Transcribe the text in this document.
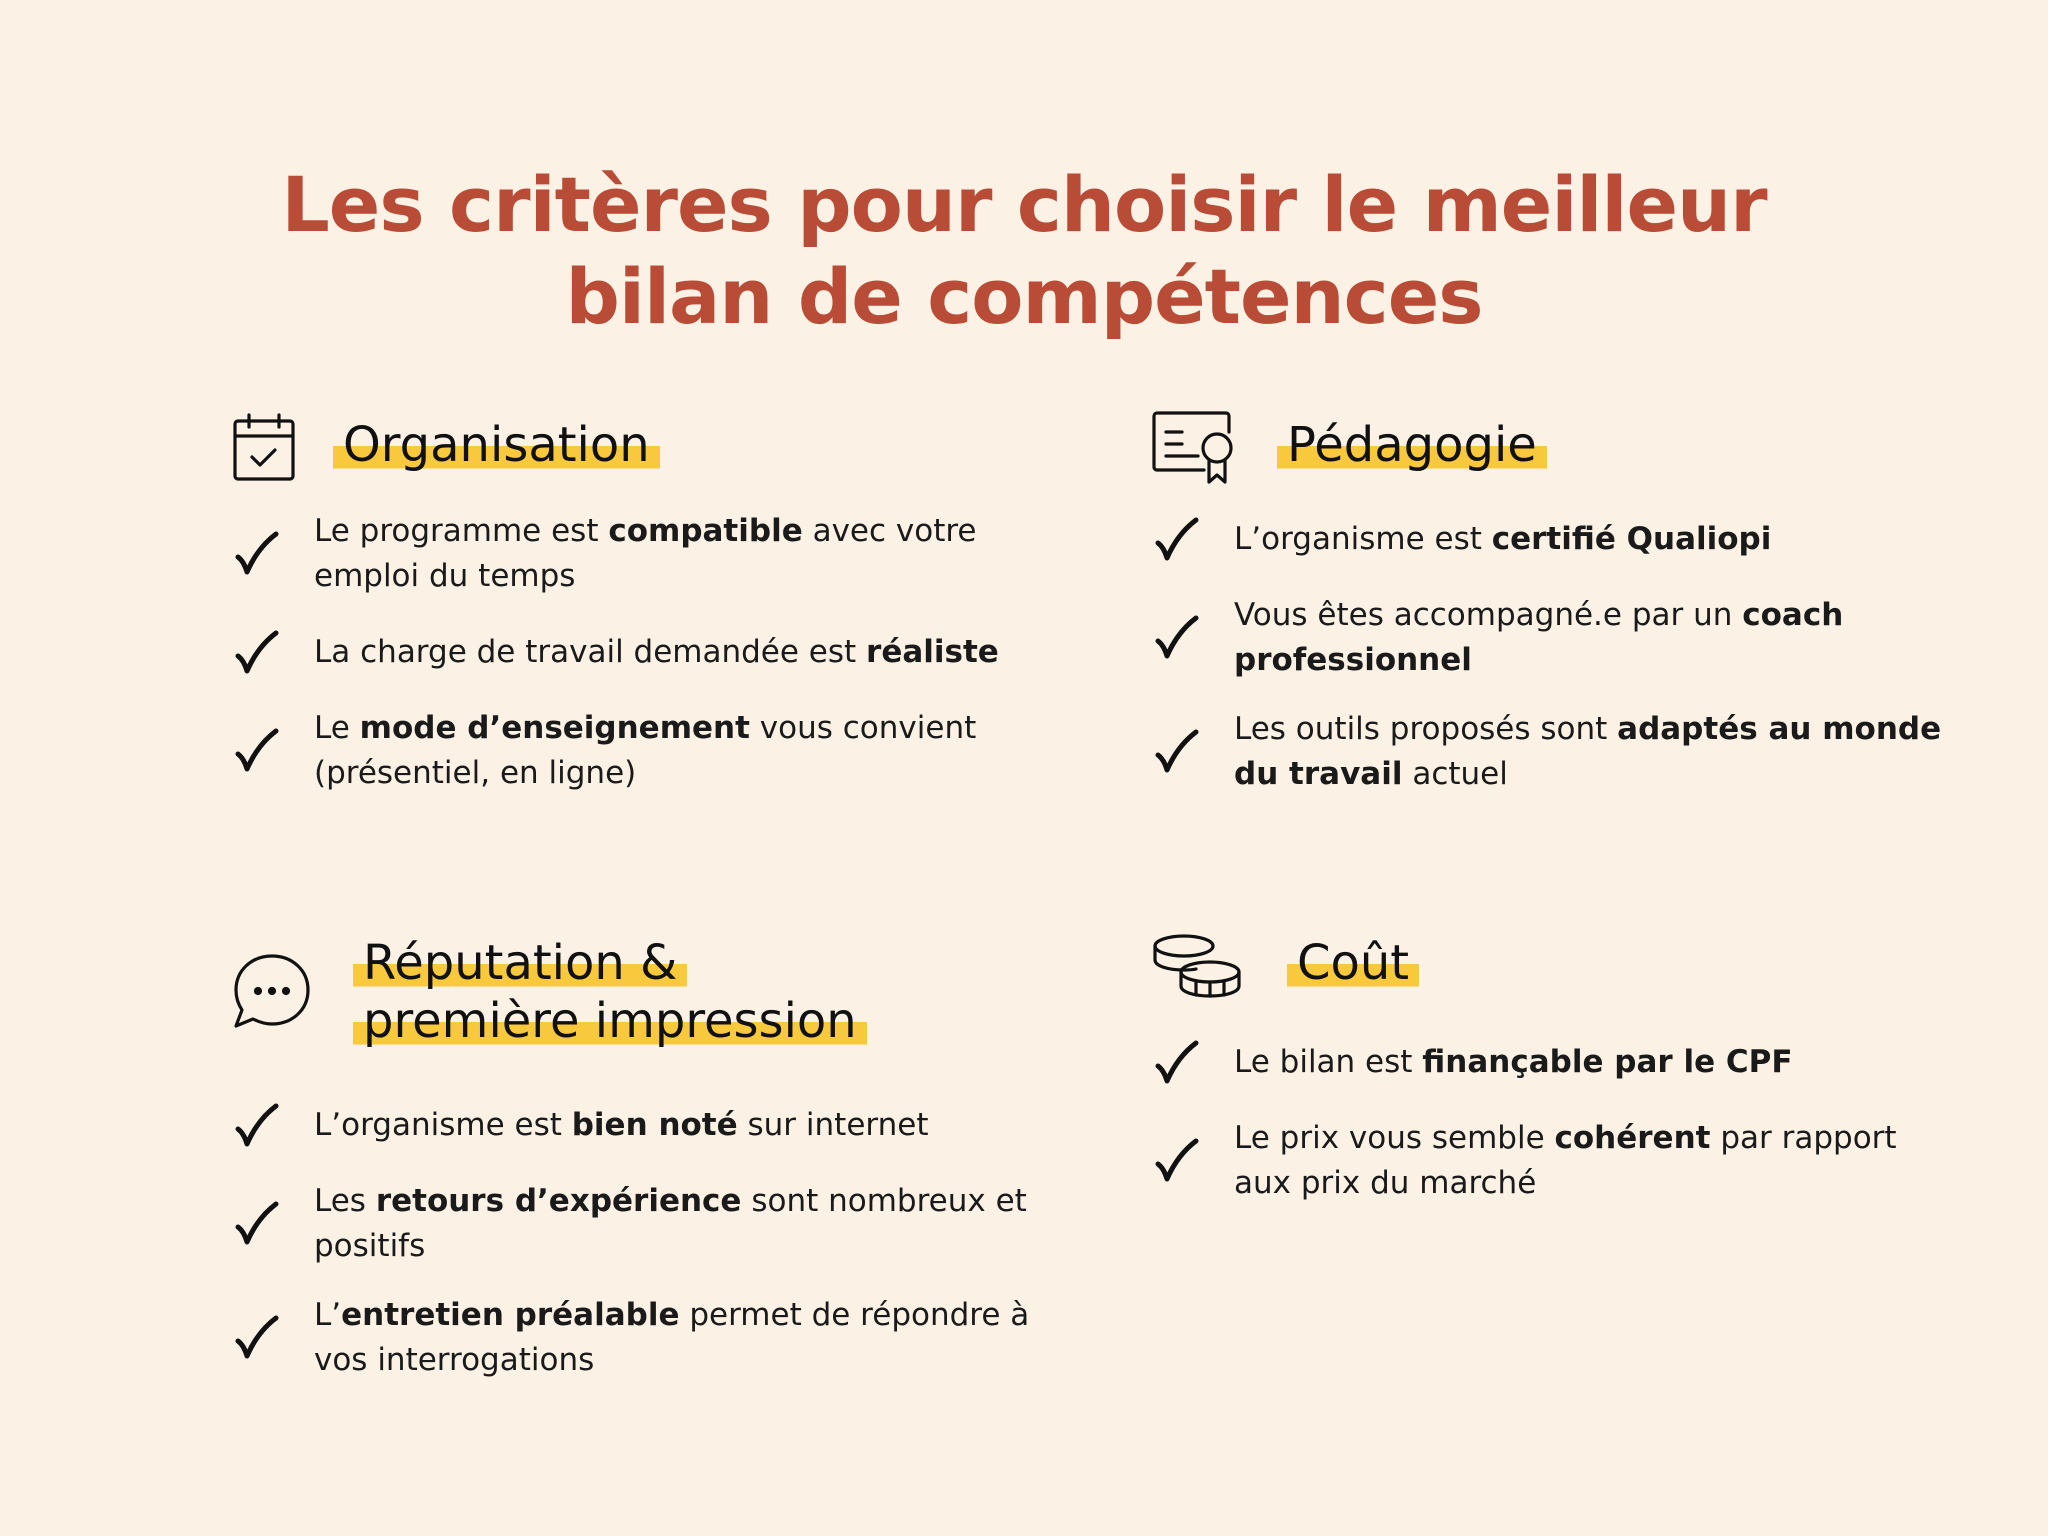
Les critères pour choisir le meilleur
bilan de compétences
Organisation
Le programme est compatible avec votre emploi du temps
La charge de travail demandée est réaliste
Le mode d’enseignement vous convient (présentiel, en ligne)
Pédagogie
L’organisme est certifié Qualiopi
Vous êtes accompagné.e par un coach professionnel
Les outils proposés sont adaptés au monde du travail actuel
Réputation &
première impression
L’organisme est bien noté sur internet
Les retours d’expérience sont nombreux et positifs
L’entretien préalable permet de répondre à vos interrogations
Coût
Le bilan est finançable par le CPF
Le prix vous semble cohérent par rapport aux prix du marché
